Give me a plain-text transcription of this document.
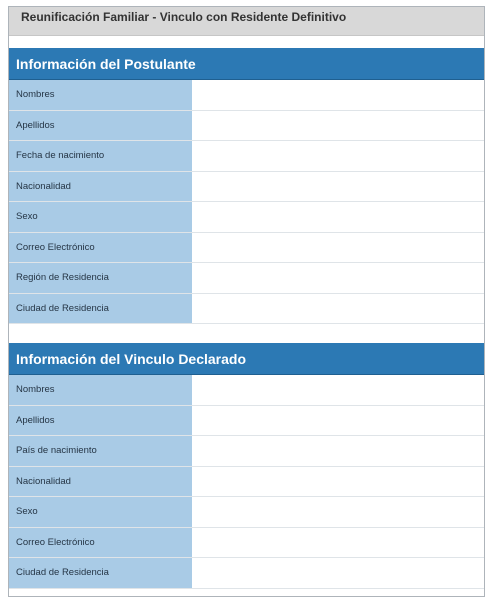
Reunificación Familiar - Vinculo con Residente Definitivo
Información del Postulante
Nombres
Apellidos
Fecha de nacimiento
Nacionalidad
Sexo
Correo Electrónico
Región de Residencia
Ciudad de Residencia
Información del Vinculo Declarado
Nombres
Apellidos
País de nacimiento
Nacionalidad
Sexo
Correo Electrónico
Ciudad de Residencia
